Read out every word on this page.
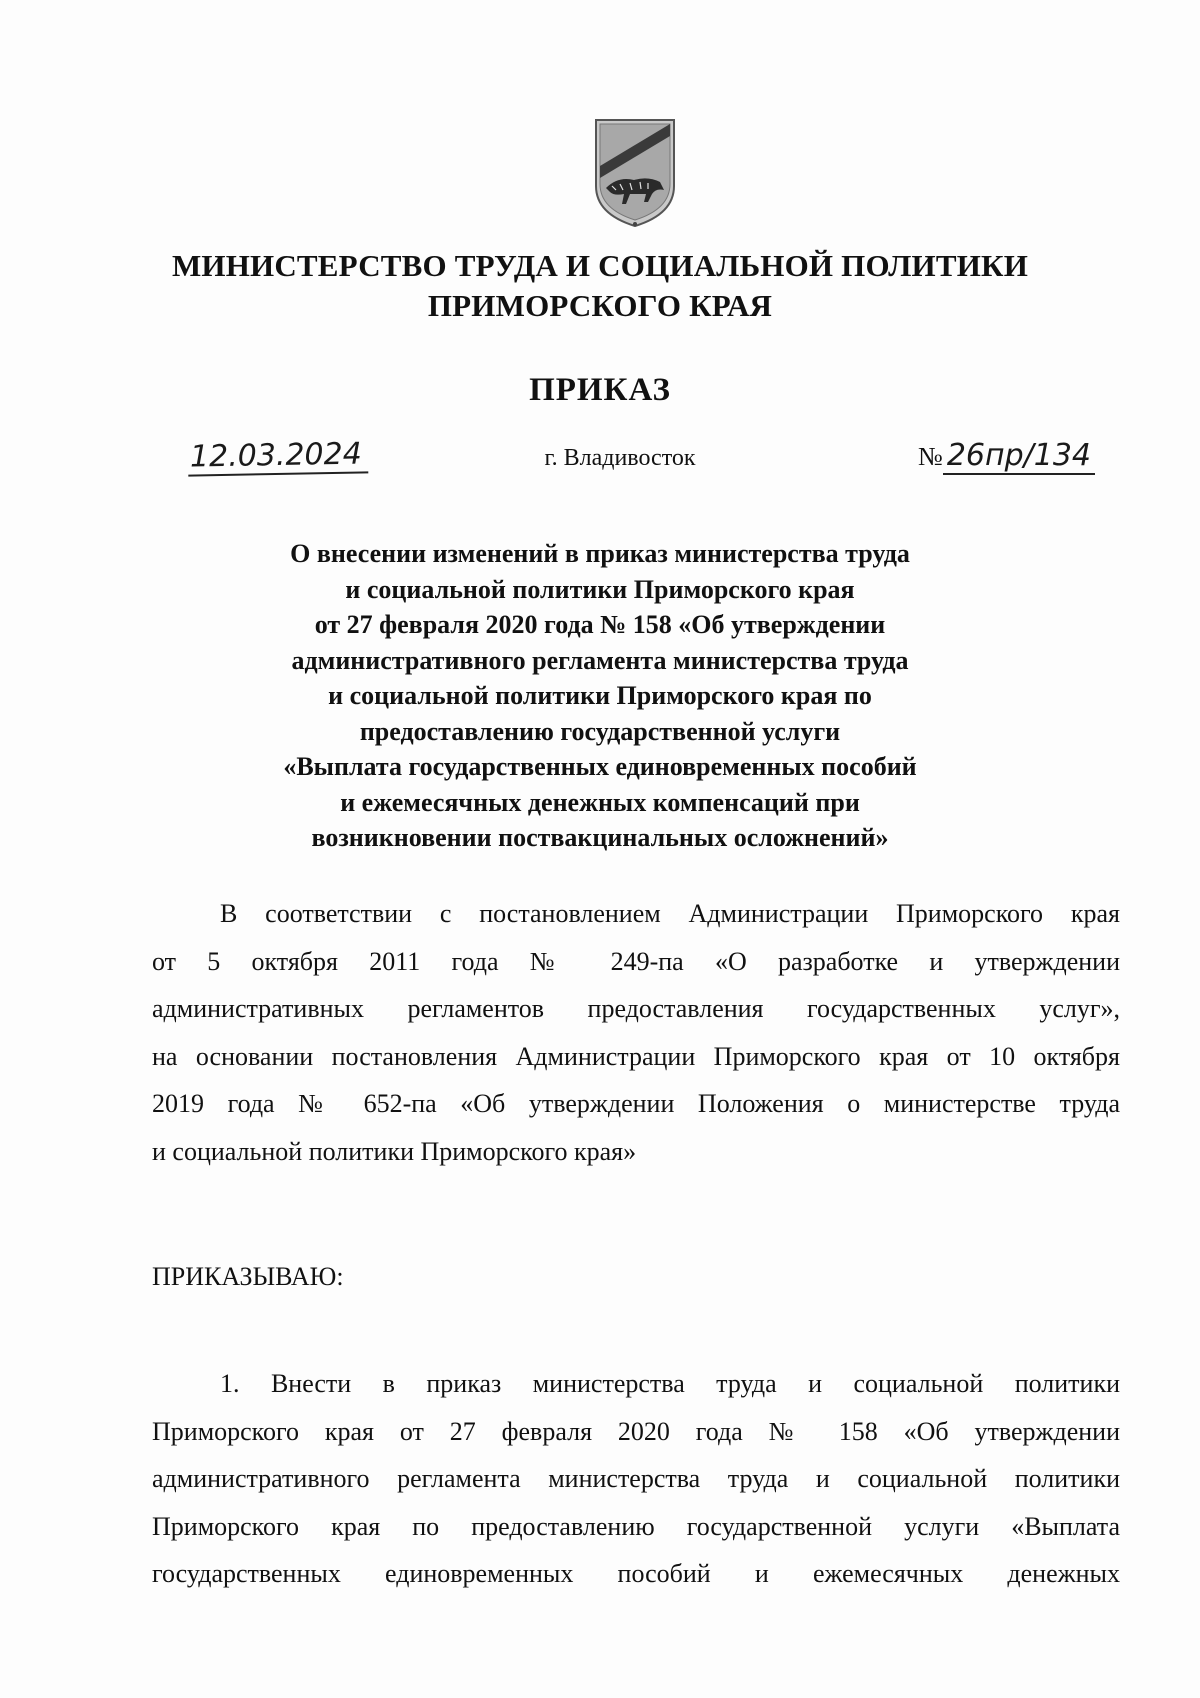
МИНИСТЕРСТВО ТРУДА И СОЦИАЛЬНОЙ ПОЛИТИКИ
ПРИМОРСКОГО КРАЯ
ПРИКАЗ
12.03.2024	г. Владивосток	№ 26пр/134
О внесении изменений в приказ министерства труда
и социальной политики Приморского края
от 27 февраля 2020 года № 158 «Об утверждении
административного регламента министерства труда
и социальной политики Приморского края по
предоставлению государственной услуги
«Выплата государственных единовременных пособий
и ежемесячных денежных компенсаций при
возникновении поствакцинальных осложнений»
В соответствии с постановлением Администрации Приморского края
от 5 октября 2011 года № 249-па «О разработке и утверждении
административных регламентов предоставления государственных услуг»,
на основании постановления Администрации Приморского края от 10 октября
2019 года № 652-па «Об утверждении Положения о министерстве труда
и социальной политики Приморского края»
ПРИКАЗЫВАЮ:
1. Внести в приказ министерства труда и социальной политики
Приморского края от 27 февраля 2020 года № 158 «Об утверждении
административного регламента министерства труда и социальной политики
Приморского края по предоставлению государственной услуги «Выплата
государственных единовременных пособий и ежемесячных денежных
